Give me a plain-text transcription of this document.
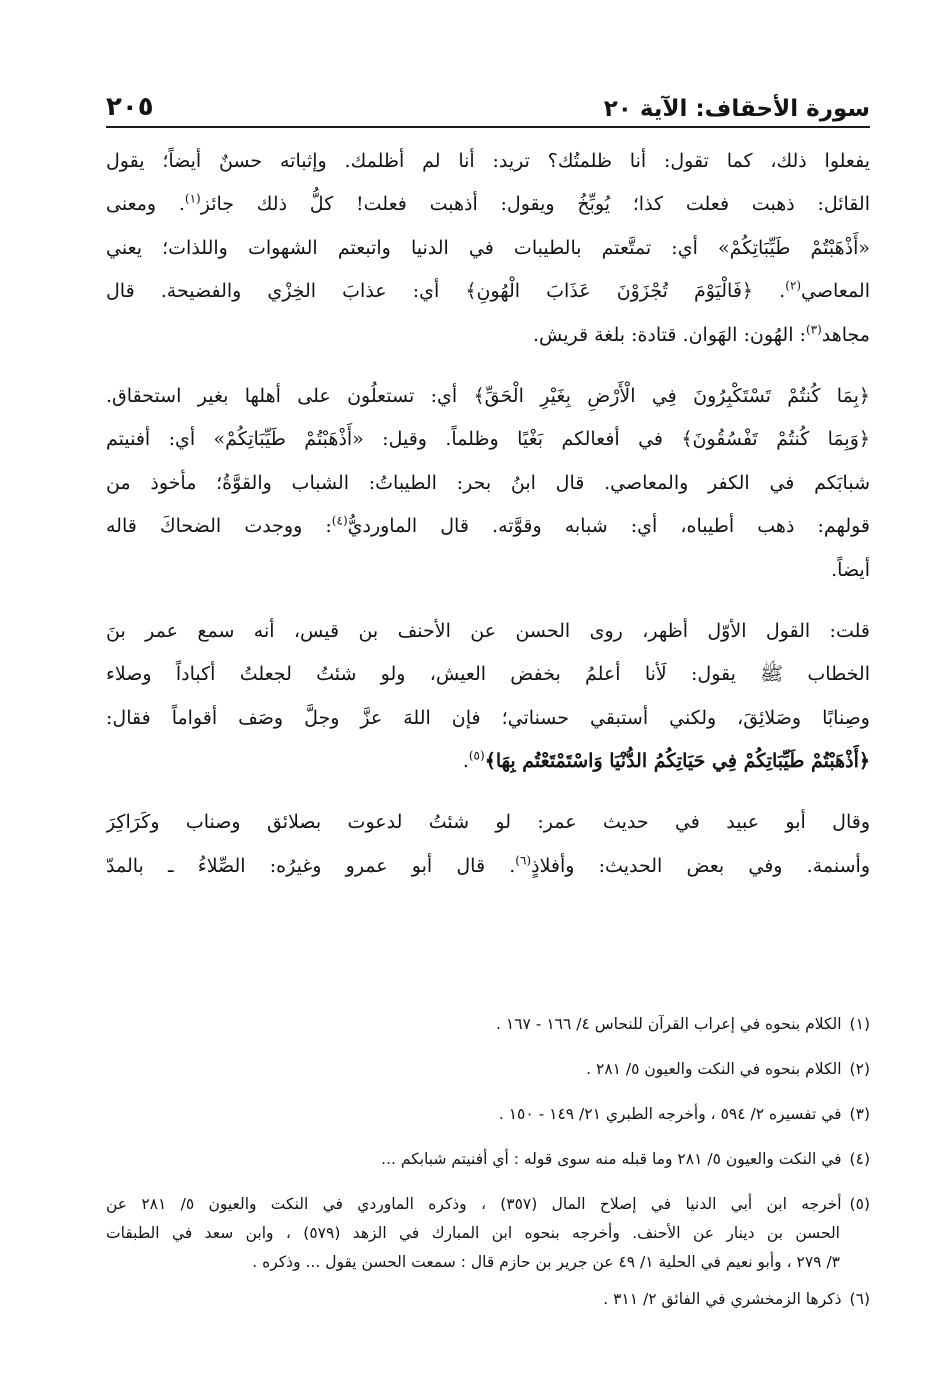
سورة الأحقاف: الآية ٢٠
٢٠٥
يفعلوا ذلك، كما تقول: أنا ظلمتُك؟ تريد: أنا لم أظلمك. وإثباته حسنٌ أيضاً؛ يقول
القائل: ذهبت فعلت كذا؛ يُوبِّخُ ويقول: أذهبت فعلت! كلُّ ذلك جائز$^{(١)}$. ومعنى
«أَذْهَبْتُمْ طَيِّبَاتِكُمْ» أي: تمتَّعتم بالطيبات في الدنيا واتبعتم الشهوات واللذات؛ يعني
المعاصي$^{(٢)}$. ﴿فَالْيَوْمَ تُجْزَوْنَ عَذَابَ الْهُونِ﴾ أي: عذابَ الخِزْي والفضيحة. قال
مجاهد$^{(٣)}$: الهُون: الهَوان. قتادة: بلغة قريش.
﴿بِمَا كُنتُمْ تَسْتَكْبِرُونَ فِي الْأَرْضِ بِغَيْرِ الْحَقِّ﴾ أي: تستعلُون على أهلها بغير استحقاق.
﴿وَبِمَا كُنتُمْ تَفْسُقُونَ﴾ في أفعالكم بَغْيًا وظلماً. وقيل: «أَذْهَبْتُمْ طَيِّبَاتِكُمْ» أي: أفنيتم
شبابَكم في الكفر والمعاصي. قال ابنُ بحر: الطيباتُ: الشباب والقوَّةُ؛ مأخوذ من
قولهم: ذهب أطيباه، أي: شبابه وقوَّته. قال الماورديُّ$^{(٤)}$: ووجدت الضحاكَ قاله
أيضاً.
قلت: القول الأوّل أظهر، روى الحسن عن الأحنف بن قيس، أنه سمع عمر بنَ
الخطاب ﷺ يقول: لَأنا أعلمُ بخفض العيش، ولو شئتُ لجعلتُ أكباداً وصلاء
وصِنابًا وصَلائِقَ، ولكني أستبقي حسناتي؛ فإن اللهَ عزَّ وجلَّ وصَف أقواماً فقال:
﴿أَذْهَبْتُمْ طَيِّبَاتِكُمْ فِي حَيَاتِكُمُ الدُّنْيَا وَاسْتَمْتَعْتُم بِهَا﴾$^{(٥)}$.
وقال أبو عبيد في حديث عمر: لو شئتُ لدعوت بصلائق وصناب وكَرَاكِرَ
وأسنمة. وفي بعض الحديث: وأفلاذٍ$^{(٦)}$. قال أبو عمرو وغيرُه: الصِّلاءُ ـ بالمدّ
(١)الكلام بنحوه في إعراب القرآن للنحاس ٤/ ١٦٦ - ١٦٧ .
(٢)الكلام بنحوه في النكت والعيون ٥/ ٢٨١ .
(٣)في تفسيره ٢/ ٥٩٤ ، وأخرجه الطبري ٢١/ ١٤٩ - ١٥٠ .
(٤)في النكت والعيون ٥/ ٢٨١ وما قبله منه سوى قوله : أي أفنيتم شبابكم ...
(٥)أخرجه ابن أبي الدنيا في إصلاح المال (٣٥٧) ، وذكره الماوردي في النكت والعيون ٥/ ٢٨١ عن
الحسن بن دينار عن الأحنف. وأخرجه بنحوه ابن المبارك في الزهد (٥٧٩) ، وابن سعد في الطبقات
٣/ ٢٧٩ ، وأبو نعيم في الحلية ١/ ٤٩ عن جرير بن حازم قال : سمعت الحسن يقول ... وذكره .
(٦)ذكرها الزمخشري في الفائق ٢/ ٣١١ .
